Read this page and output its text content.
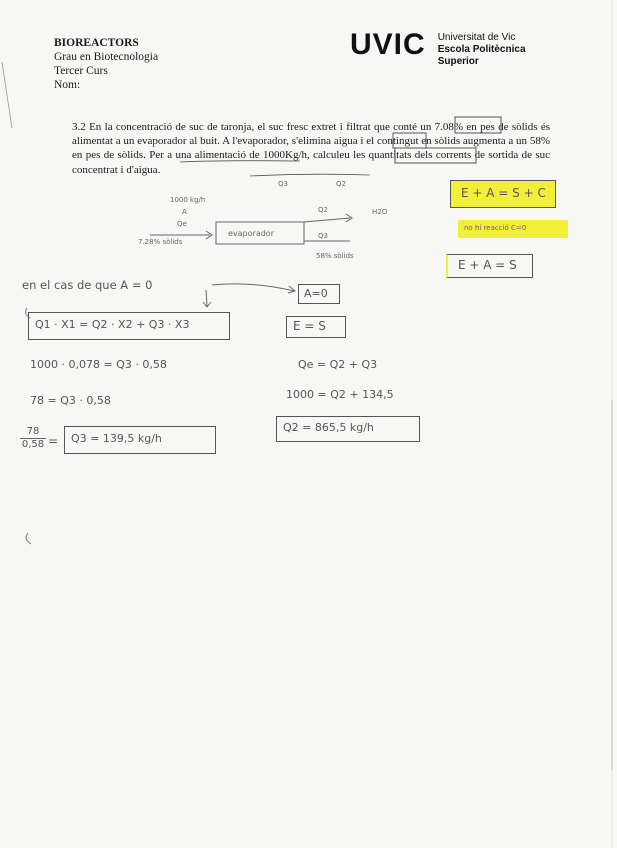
BIOREACTORS
Grau en Biotecnologia
Tercer Curs
Nom:
UVIC Universitat de Vic
Escola Politècnica
Superior
3.2 En la concentració de suc de taronja, el suc fresc extret i filtrat que conté un 7.08% en pes de sòlids és alimentat a un evaporador al buit. A l'evaporador, s'elimina aigua i el contingut en sòlids augmenta a un 58% en pes de sòlids. Per a una alimentació de 1000Kg/h, calculeu les quantitats dels corrents de sortida de suc concentrat i d'aigua.
Q3	Q2
1000 kg/h
A
Qe
7.28% sòlids
evaporador
Q2	H2O
Q3
58% sòlids
E + A = S + C
no hi reacció C=0
E + A = S
en el cas de que A = 0
A=0
E = S
Q1 · X1 = Q2 · X2 + Q3 · X3
1000 · 0,078 = Q3 · 0,58
78 = Q3 · 0,58
$\frac{78}{0,58} = Q3 = 139,5$ kg/h
Qe = Q2 + Q3
1000 = Q2 + 134,5
Q2 = 865,5 kg/h
